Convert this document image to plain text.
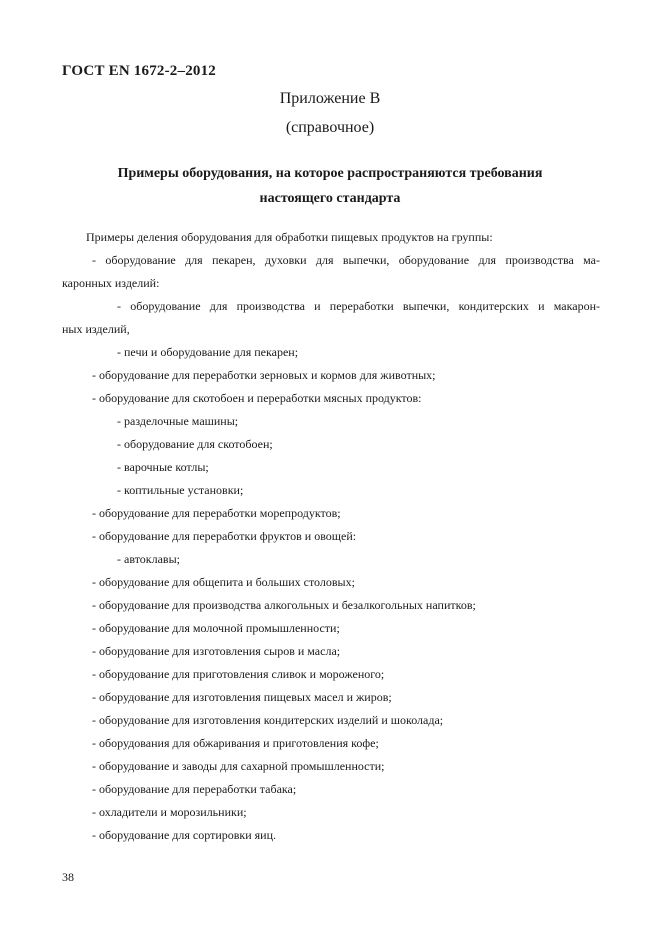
ГОСТ EN 1672-2–2012
Приложение В
(справочное)
Примеры оборудования, на которое распространяются требования
настоящего стандарта
Примеры деления оборудования для обработки пищевых продуктов на группы:
- оборудование для пекарен, духовки для выпечки, оборудование для производства ма-
каронных изделий:
- оборудование для производства и переработки выпечки, кондитерских и макарон-
ных изделий,
- печи и оборудование для пекарен;
- оборудование для переработки зерновых и кормов для животных;
- оборудование для скотобоен и переработки мясных продуктов:
- разделочные машины;
- оборудование для скотобоен;
- варочные котлы;
- коптильные установки;
- оборудование для переработки морепродуктов;
- оборудование для переработки фруктов и овощей:
- автоклавы;
- оборудование для общепита и больших столовых;
- оборудование для производства алкогольных и безалкогольных напитков;
- оборудование для молочной промышленности;
- оборудование для изготовления сыров и масла;
- оборудование для приготовления сливок и мороженого;
- оборудование для изготовления пищевых масел и жиров;
- оборудование для изготовления кондитерских изделий и шоколада;
- оборудования для обжаривания и приготовления кофе;
- оборудование и заводы для сахарной промышленности;
- оборудование для переработки табака;
- охладители и морозильники;
- оборудование для сортировки яиц.
38
